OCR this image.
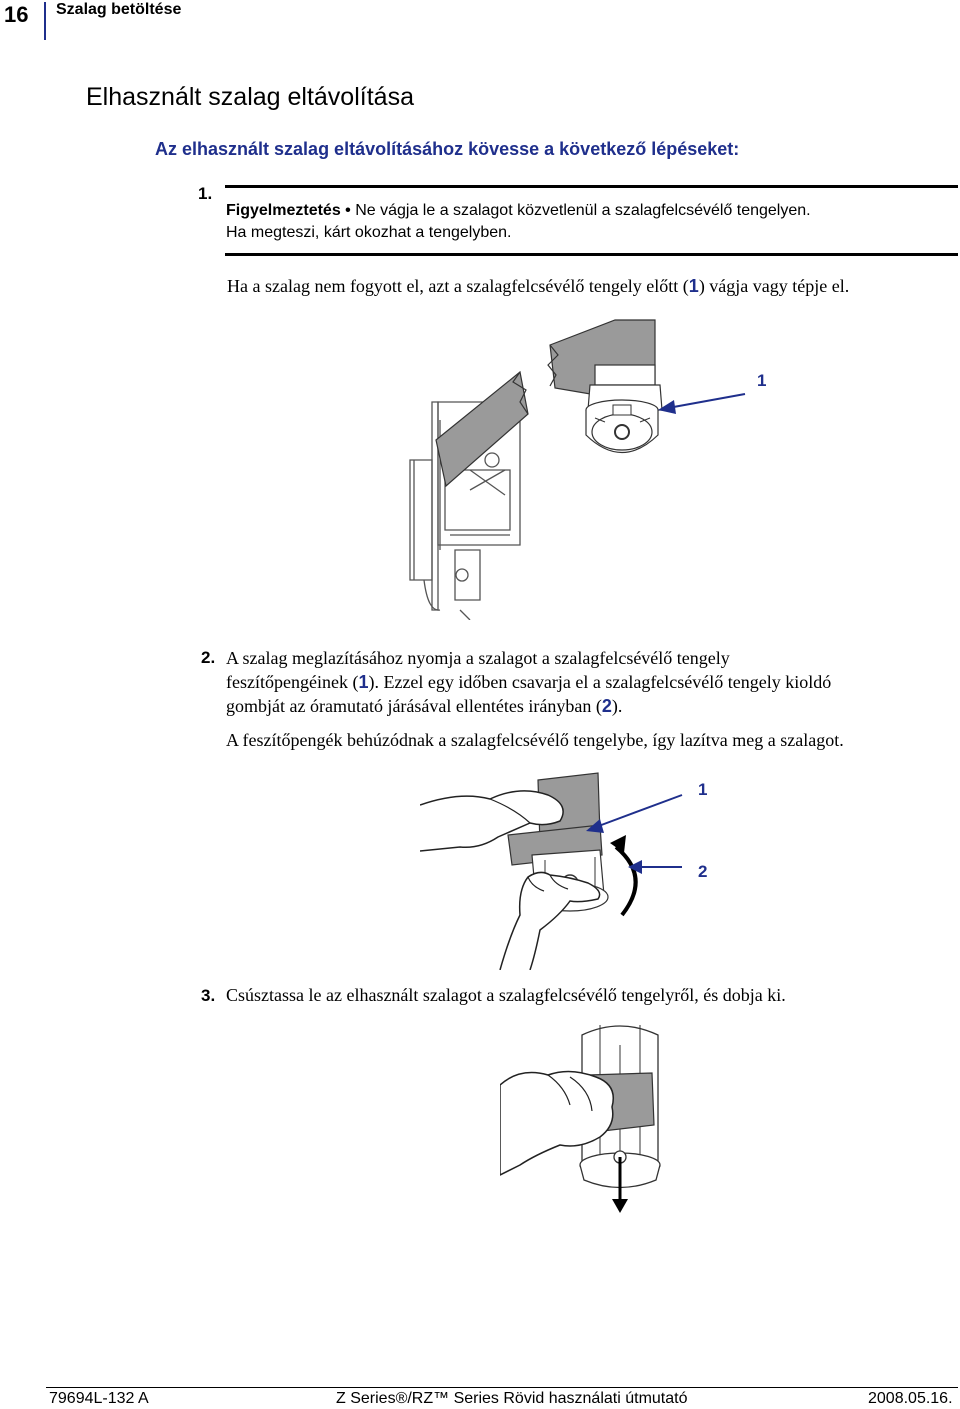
16 Szalag betöltése
Elhasznált szalag eltávolítása
Az elhasznált szalag eltávolításához kövesse a következő lépéseket:
1.
Figyelmeztetés • Ne vágja le a szalagot közvetlenül a szalagfelcsévélő tengelyen.
Ha megteszi, kárt okozhat a tengelyben.
Ha a szalag nem fogyott el, azt a szalagfelcsévélő tengely előtt (1) vágja vagy tépje el.
1
2. A szalag meglazításához nyomja a szalagot a szalagfelcsévélő tengely
feszítőpengéinek (1). Ezzel egy időben csavarja el a szalagfelcsévélő tengely kioldó
gombját az óramutató járásával ellentétes irányban (2).
A feszítőpengék behúzódnak a szalagfelcsévélő tengelybe, így lazítva meg a szalagot.
1
2
3. Csúsztassa le az elhasznált szalagot a szalagfelcsévélő tengelyről, és dobja ki.
79694L-132 A	Z Series®/RZ™ Series Rövid használati útmutató	2008.05.16.
